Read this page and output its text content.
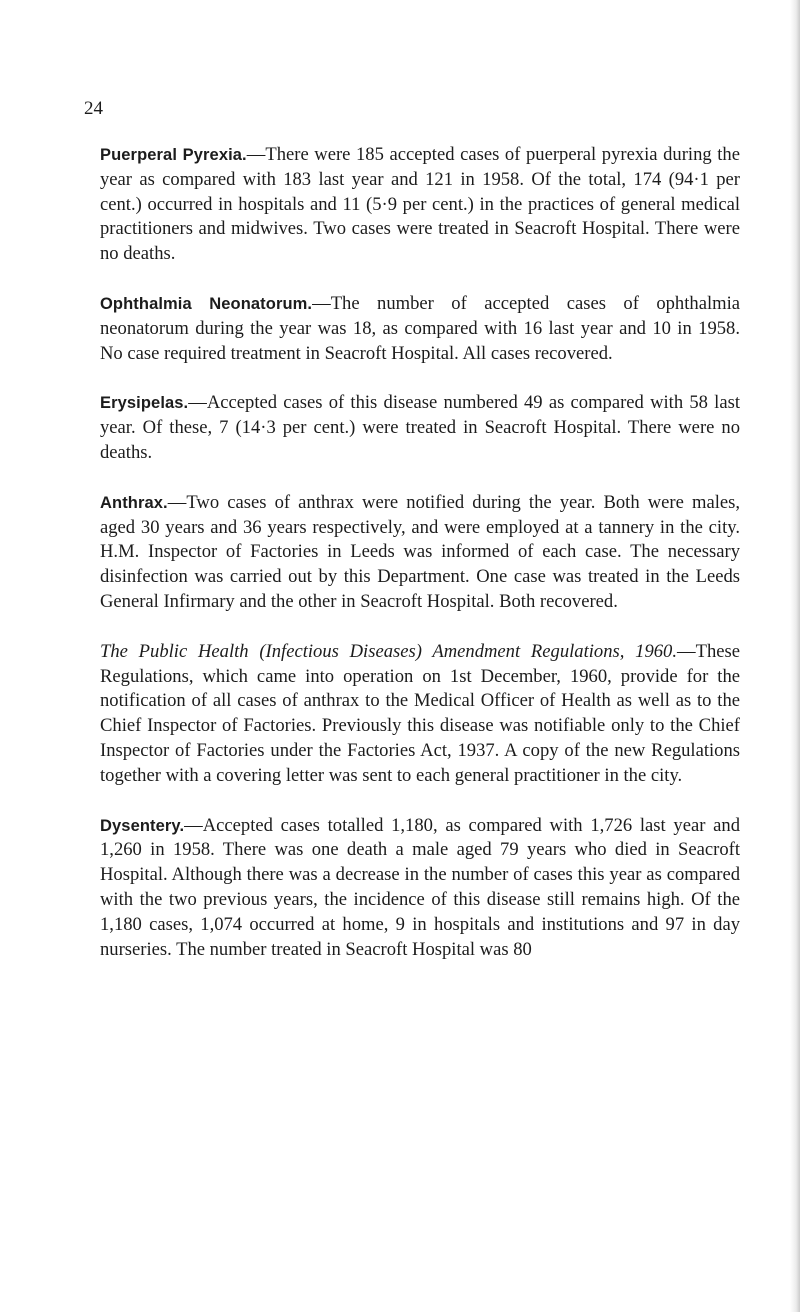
24

Puerperal Pyrexia.—There were 185 accepted cases of puerperal pyrexia during the year as compared with 183 last year and 121 in 1958. Of the total, 174 (94·1 per cent.) occurred in hospitals and 11 (5·9 per cent.) in the practices of general medical practitioners and midwives. Two cases were treated in Seacroft Hospital. There were no deaths.

Ophthalmia Neonatorum.—The number of accepted cases of ophthalmia neonatorum during the year was 18, as compared with 16 last year and 10 in 1958. No case required treatment in Seacroft Hospital. All cases recovered.

Erysipelas.—Accepted cases of this disease numbered 49 as compared with 58 last year. Of these, 7 (14·3 per cent.) were treated in Seacroft Hospital. There were no deaths.

Anthrax.—Two cases of anthrax were notified during the year. Both were males, aged 30 years and 36 years respectively, and were employed at a tannery in the city. H.M. Inspector of Factories in Leeds was informed of each case. The necessary disinfection was carried out by this Department. One case was treated in the Leeds General Infirmary and the other in Seacroft Hospital. Both recovered.

The Public Health (Infectious Diseases) Amendment Regulations, 1960.—These Regulations, which came into operation on 1st December, 1960, provide for the notification of all cases of anthrax to the Medical Officer of Health as well as to the Chief Inspector of Factories. Previously this disease was notifiable only to the Chief Inspector of Factories under the Factories Act, 1937. A copy of the new Regulations together with a covering letter was sent to each general practitioner in the city.

Dysentery.—Accepted cases totalled 1,180, as compared with 1,726 last year and 1,260 in 1958. There was one death a male aged 79 years who died in Seacroft Hospital. Although there was a decrease in the number of cases this year as compared with the two previous years, the incidence of this disease still remains high. Of the 1,180 cases, 1,074 occurred at home, 9 in hospitals and institutions and 97 in day nurseries. The number treated in Seacroft Hospital was 80
